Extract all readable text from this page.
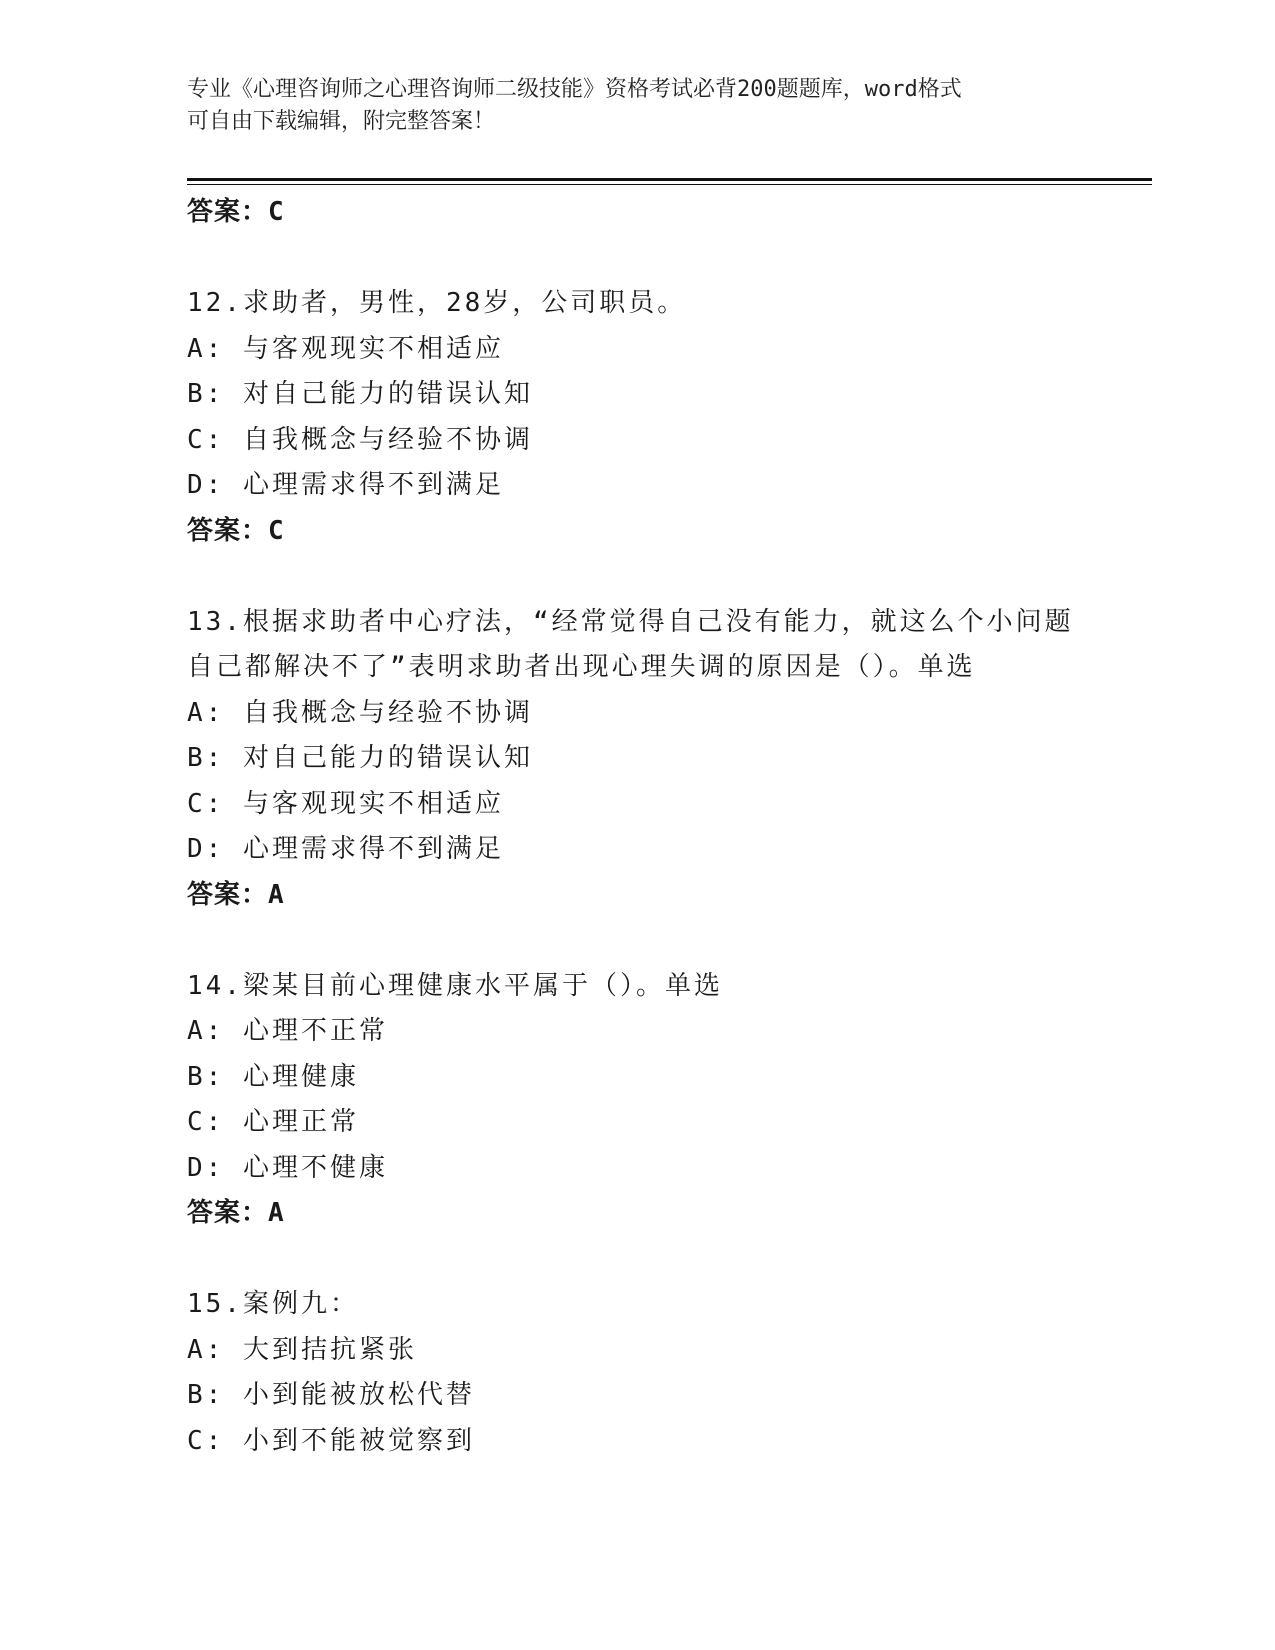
专业《心理咨询师之心理咨询师二级技能》资格考试必背200题题库，word格式
可自由下载编辑，附完整答案！
答案：C
12.求助者，男性，28岁，公司职员。
A: 与客观现实不相适应
B: 对自己能力的错误认知
C: 自我概念与经验不协调
D: 心理需求得不到满足
答案：C
13.根据求助者中心疗法，“经常觉得自己没有能力，就这么个小问题
自己都解决不了”表明求助者出现心理失调的原因是（）。单选
A: 自我概念与经验不协调
B: 对自己能力的错误认知
C: 与客观现实不相适应
D: 心理需求得不到满足
答案：A
14.梁某目前心理健康水平属于（）。单选
A: 心理不正常
B: 心理健康
C: 心理正常
D: 心理不健康
答案：A
15.案例九：
A: 大到拮抗紧张
B: 小到能被放松代替
C: 小到不能被觉察到
